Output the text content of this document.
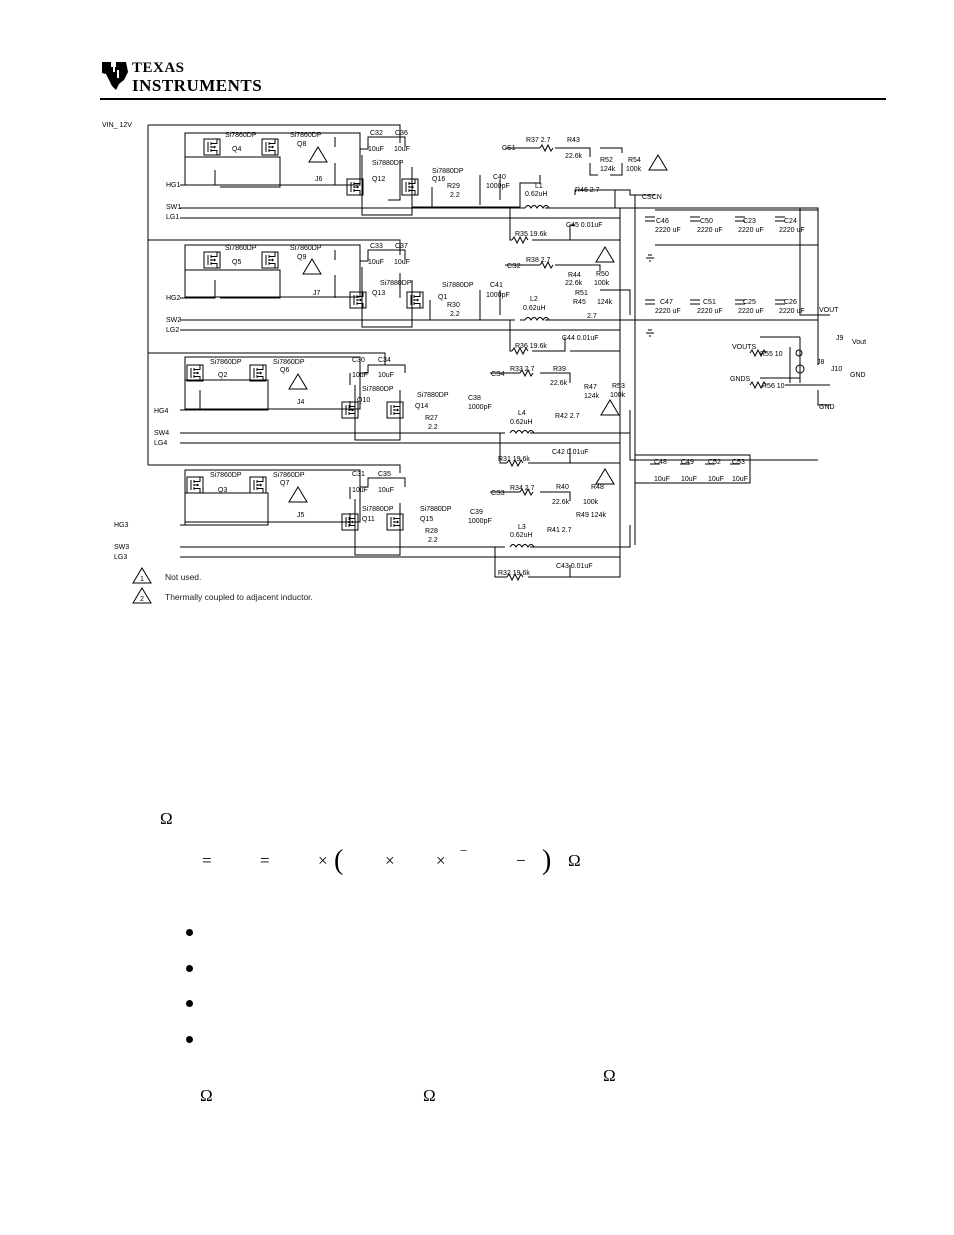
TEXAS
INSTRUMENTS
VIN_ 12V
HG1
SW1
LG1
HG2
SW2
LG2
HG4
SW4
LG4
HG3
SW3
LG3
CS1
CS2
CS4
CS3
CSCN
VOUT
VOUTS
GNDS
GND
Si7860DP
Q4
Si7860DP
Q8
Si7880DP
Q12
Si7880DP
Q16
C32 C36
10uF 10uF
J6
R29
2.2
C40
1000pF
R37 2.7 R43
22.6k
R52
124k
R54
100k
L1
0.62uH
R46 2.7
R35 19.6k
C45 0.01uF
Si7860DP
Q5
Si7860DP
Q9
Si7880DP
Q13
Si7880DP
Q1
C33 C37
10uF 10uF
J7
R30
2.2
C41
1000pF
R38 2.7
R44
22.6k
R50
100k
R51
124k
L2
0.62uH
R45
2.7
R36 19.6k
C44 0.01uF
Si7860DP
Q2
Si7860DP
Q6
Si7880DP
Q10
Si7880DP
Q14
C30 C34
10uF 10uF
J4
R27
2.2
C38
1000pF
R33 2.7	R39
22.6k
R47
124k
R53
100k
L4
0.62uH
R42 2.7
R31 19.6k
C42 0.01uF
Si7860DP
Q3
Si7860DP
Q7
Si7880DP
Q11
Si7880DP
Q15
C31 C35
10uF 10uF
J5
R28
2.2
C39
1000pF
R34 2.7	R40
22.6k
R48
100k
R49 124k
L3
0.62uH
R41 2.7
R32 19.6k
C43 0.01uF
C46
2220 uF
C50
2220 uF
C23
2220 uF
C24
2220 uF
C47
2220 uF
C51
2220 uF
C25
2220 uF
C26
2220 uF
C48
10uF
C49
10uF
C52
10uF
C53
10uF
J9
Vout
R55 10
J8
J10
GND
R56 10
1
2
Not used.
Thermally coupled to adjacent inductor.
Ω
=	=	× ( × ×
−
− ) Ω
Ω
Ω	Ω
